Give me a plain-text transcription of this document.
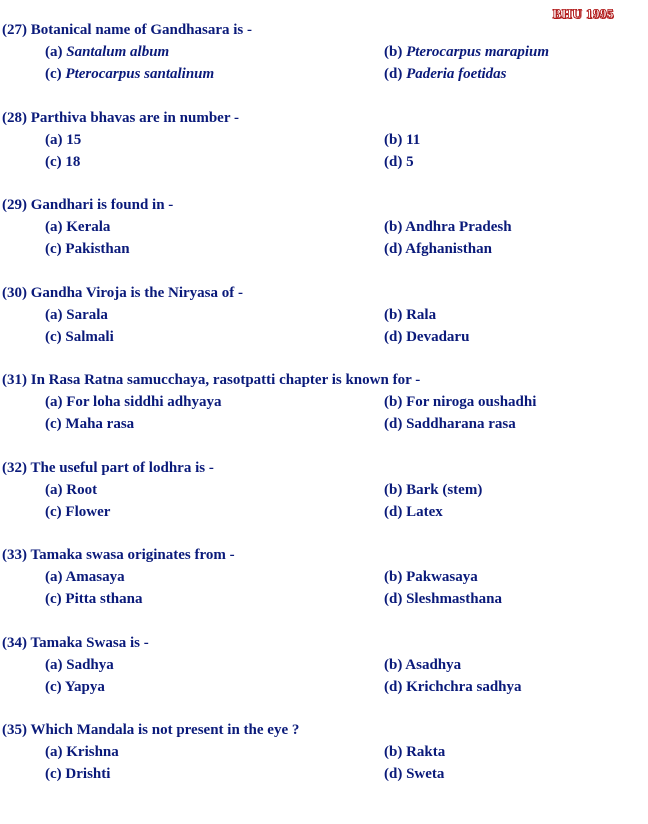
BHU 1995
(27) Botanical name of Gandhasara is -
(a) Santalum album	(b) Pterocarpus marapium
(c) Pterocarpus santalinum	(d) Paderia foetidas
(28) Parthiva bhavas are in number -
(a) 15	(b) 11
(c) 18	(d) 5
(29) Gandhari is found in -
(a) Kerala	(b) Andhra Pradesh
(c) Pakisthan	(d) Afghanisthan
(30) Gandha Viroja is the Niryasa of -
(a) Sarala	(b) Rala
(c) Salmali	(d) Devadaru
(31) In Rasa Ratna samucchaya, rasotpatti chapter is known for -
(a) For loha siddhi adhyaya	(b) For niroga oushadhi
(c) Maha rasa	(d) Saddharana rasa
(32) The useful part of lodhra is -
(a) Root	(b) Bark (stem)
(c) Flower	(d) Latex
(33) Tamaka swasa originates from -
(a) Amasaya	(b) Pakwasaya
(c) Pitta sthana	(d) Sleshmasthana
(34) Tamaka Swasa is -
(a) Sadhya	(b) Asadhya
(c) Yapya	(d) Krichchra sadhya
(35) Which Mandala is not present in the eye ?
(a) Krishna	(b) Rakta
(c) Drishti	(d) Sweta
